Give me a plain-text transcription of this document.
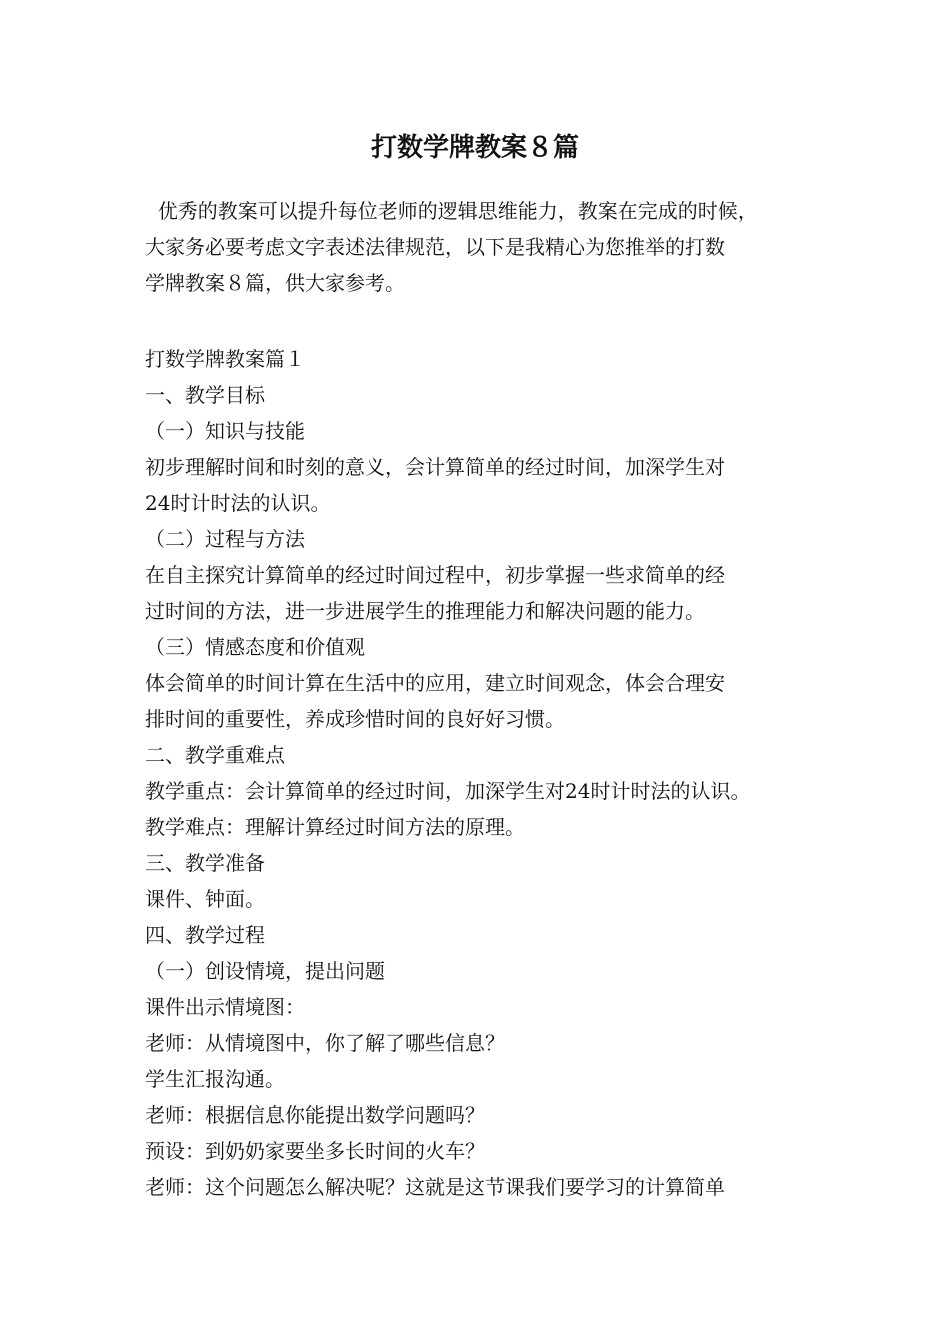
打数学牌教案８篇
优秀的教案可以提升每位老师的逻辑思维能力，教案在完成的时候，
大家务必要考虑文字表述法律规范，以下是我精心为您推举的打数
学牌教案８篇，供大家参考。
打数学牌教案篇１
一、教学目标
（一）知识与技能
初步理解时间和时刻的意义，会计算简单的经过时间，加深学生对
24时计时法的认识。
（二）过程与方法
在自主探究计算简单的经过时间过程中，初步掌握一些求简单的经
过时间的方法，进一步进展学生的推理能力和解决问题的能力。
（三）情感态度和价值观
体会简单的时间计算在生活中的应用，建立时间观念，体会合理安
排时间的重要性，养成珍惜时间的良好好习惯。
二、教学重难点
教学重点：会计算简单的经过时间，加深学生对24时计时法的认识。
教学难点：理解计算经过时间方法的原理。
三、教学准备
课件、钟面。
四、教学过程
（一）创设情境，提出问题
课件出示情境图：
老师：从情境图中，你了解了哪些信息？
学生汇报沟通。
老师：根据信息你能提出数学问题吗？
预设：到奶奶家要坐多长时间的火车？
老师：这个问题怎么解决呢？这就是这节课我们要学习的计算简单
